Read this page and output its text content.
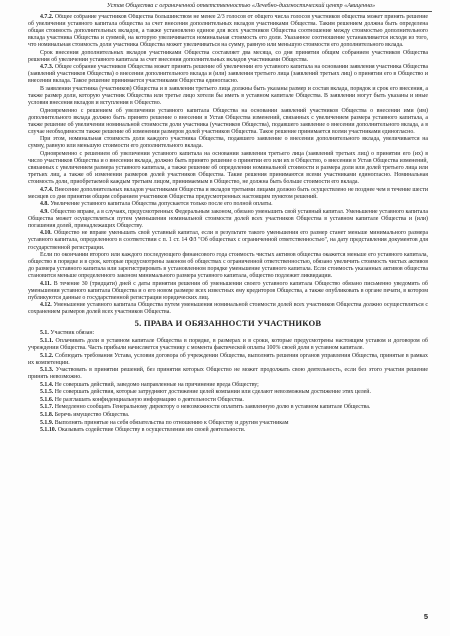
Устав Общества с ограниченной ответственностью «Лечебно-диагностический центр «Авиценна»
4.7.2. Общее собрание участников Общества большинством не менее 2/3 голосов от общего числа голосов участников общества может принять решение об увеличении уставного капитала общества за счет внесения дополнительных вкладов участниками Общества. Таким решением должна быть определена общая стоимость дополнительных вкладов, а также установлено единое для всех участников Общества соотношение между стоимостью дополнительного вклада участника Общества и суммой, на которую увеличивается номинальная стоимость его доли. Указанное соотношение устанавливается исходя из того, что номинальная стоимость доли участника Общества может увеличиваться на сумму, равную или меньшую стоимости его дополнительного вклада.
Срок внесения дополнительных вкладов участниками Общества составляет два месяца, со дня принятия общим собранием участников Общества решения об увеличении уставного капитала за счет внесения дополнительных вкладов участниками Общества.
4.7.3. Общее собрание участников Общества может принять решение об увеличении его уставного капитала на основании заявления участника Общества (заявлений участников Общества) о внесении дополнительного вклада и (или) заявления третьего лица (заявлений третьих лиц) о принятии его в Общество и внесении вклада. Такое решение принимается участниками Общества единогласно.
В заявлении участника (участников) Общества и в заявлении третьего лица должны быть указаны размер и состав вклада, порядок и срок его внесения, а также размер доли, которую участник Общества или третье лицо хотели бы иметь в уставном капитале Общества. В заявлении могут быть указаны и иные условия внесения вкладов и вступления в Общество.
Одновременно с решением об увеличении уставного капитала Общества на основании заявлений участников Общества о внесении ими (им) дополнительного вклада должно быть принято решение о внесении в Устав Общества изменений, связанных с увеличением размера уставного капитала, а также решение об увеличении номинальной стоимости доли участника (участников Общества), подавшего заявление о внесении дополнительного вклада, а в случае необходимости также решение об изменении размеров долей участников Общества. Такое решение принимается всеми участниками единогласно.
При этом, номинальная стоимость доли каждого участника Общества, подавшего заявление о внесении дополнительного вклада, увеличивается на сумму, равную или меньшую стоимости его дополнительного вклада.
Одновременно с решением об увеличении уставного капитала на основании заявления третьего лица (заявлений третьих лиц) о принятии его (их) в число участников Общества и о внесении вклада, должно быть принято решение о принятии его или их в Общество, о внесении в Устав Общества изменений, связанных с увеличением размера уставного капитала, а также решение об определении номинальной стоимости и размера доли или долей третьего лица или третьих лиц, а также об изменении размеров долей участников Общества. Такие решения принимаются всеми участниками единогласно. Номинальная стоимость доли, приобретаемой каждым третьим лицом, принимаемым в Общество, не должна быть больше стоимости его вклада.
4.7.4. Внесение дополнительных вкладов участниками Общества и вкладов третьими лицами должно быть осуществлено не позднее чем в течение шести месяцев со дня принятия общим собранием участников Общества предусмотренных настоящим пунктом решений.
4.8. Увеличение уставного капитала Общества допускается только после его полной оплаты.
4.9. Общество вправе, а в случаях, предусмотренных Федеральным законом, обязано уменьшить свой уставный капитал. Уменьшение уставного капитала Общества может осуществляться путем уменьшения номинальной стоимости долей всех участников Общества в уставном капитале Общества и (или) погашения долей, принадлежащих Обществу.
4.10. Общество не вправе уменьшать свой уставный капитал, если в результате такого уменьшения его размер станет меньше минимального размера уставного капитала, определенного в соответствии с п. 1 ст. 14 ФЗ "Об обществах с ограниченной ответственностью", на дату представления документов для государственной регистрации.
Если по окончании второго или каждого последующего финансового года стоимость чистых активов общества окажется меньше его уставного капитала, общество в порядке и в срок, которые предусмотрены законом об обществах с ограниченной ответственностью, обязано увеличить стоимость чистых активов до размера уставного капитала или зарегистрировать в установленном порядке уменьшение уставного капитала. Если стоимость указанных активов общества становится меньше определенного законом минимального размера уставного капитала, общество подлежит ликвидации.
4.11. В течение 30 (тридцати) дней с даты принятия решения об уменьшении своего уставного капитала Общество обязано письменно уведомить об уменьшении уставного капитала Общества и о его новом размере всех известных ему кредиторов Общества, а также опубликовать в органе печати, в котором публикуются данные о государственной регистрации юридических лиц.
4.12. Уменьшение уставного капитала Общества путем уменьшения номинальной стоимости долей всех участников Общества должно осуществляться с сохранением размеров долей всех участников Общества.
5. ПРАВА И ОБЯЗАННОСТИ УЧАСТНИКОВ
5.1. Участник обязан:
5.1.1. Оплачивать доли в уставном капитале Общества в порядке, в размерах и в сроки, которые предусмотрены настоящим уставом и договором об учреждении Общества. Часть прибыли начисляется участнику с момента фактической оплаты 100% своей доли в уставном капитале.
5.1.2. Соблюдать требования Устава, условия договора об учреждении Общества, выполнять решения органов управления Общества, принятые в рамках их компетенции.
5.1.3. Участвовать в принятии решений, без принятия которых Общество не может продолжать свою деятельность, если без этого участия решение принять невозможно.
5.1.4. Не совершать действий, заведомо направленные на причинение вреда Обществу;
5.1.5. Не совершать действия, которые затрудняют достижение целей компании или сделают невозможным достижение этих целей.
5.1.6. Не разглашать конфиденциальную информацию о деятельности Общества.
5.1.7. Немедленно сообщать Генеральному директору о невозможности оплатить заявленную долю в уставном капитале Общества.
5.1.8. Беречь имущество Общества.
5.1.9. Выполнять принятые на себя обязательства по отношению к Обществу и другим участникам
5.1.10. Оказывать содействие Обществу в осуществлении им своей деятельности.
5
